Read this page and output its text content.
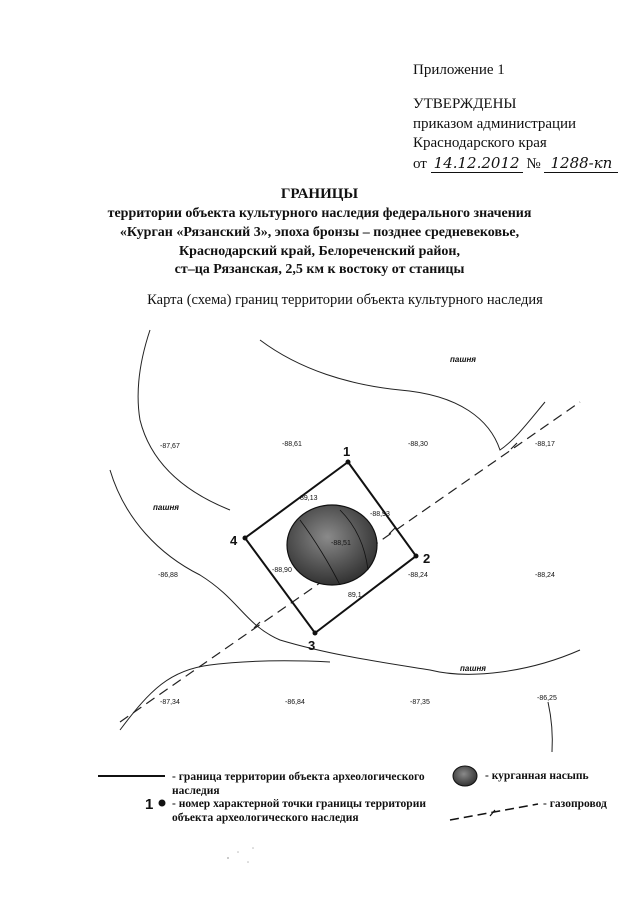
Приложение 1
УТВЕРЖДЕНЫ
приказом администрации
Краснодарского края
от 14.12.2012 № 1288-кп
ГРАНИЦЫ
территории объекта культурного наследия федерального значения
«Курган «Рязанский 3», эпоха бронзы – позднее средневековье,
Краснодарский край, Белореченский район,
ст–ца Рязанская, 2,5 км к востоку от станицы
Карта (схема) границ территории объекта культурного наследия
1
2
3
4
пашня
пашня
пашня
-87,67	-88,61	-88,30	-88,17
89,13
-88,93
-88,51
-88,24	-88,24
-88,90
89,1
-86,88
-87,34	-86,84	-87,35
-86,25
1
- граница территории объекта археологического
наследия
- курганная насыпь
- номер характерной точки границы территории
объекта археологического наследия
- газопровод
